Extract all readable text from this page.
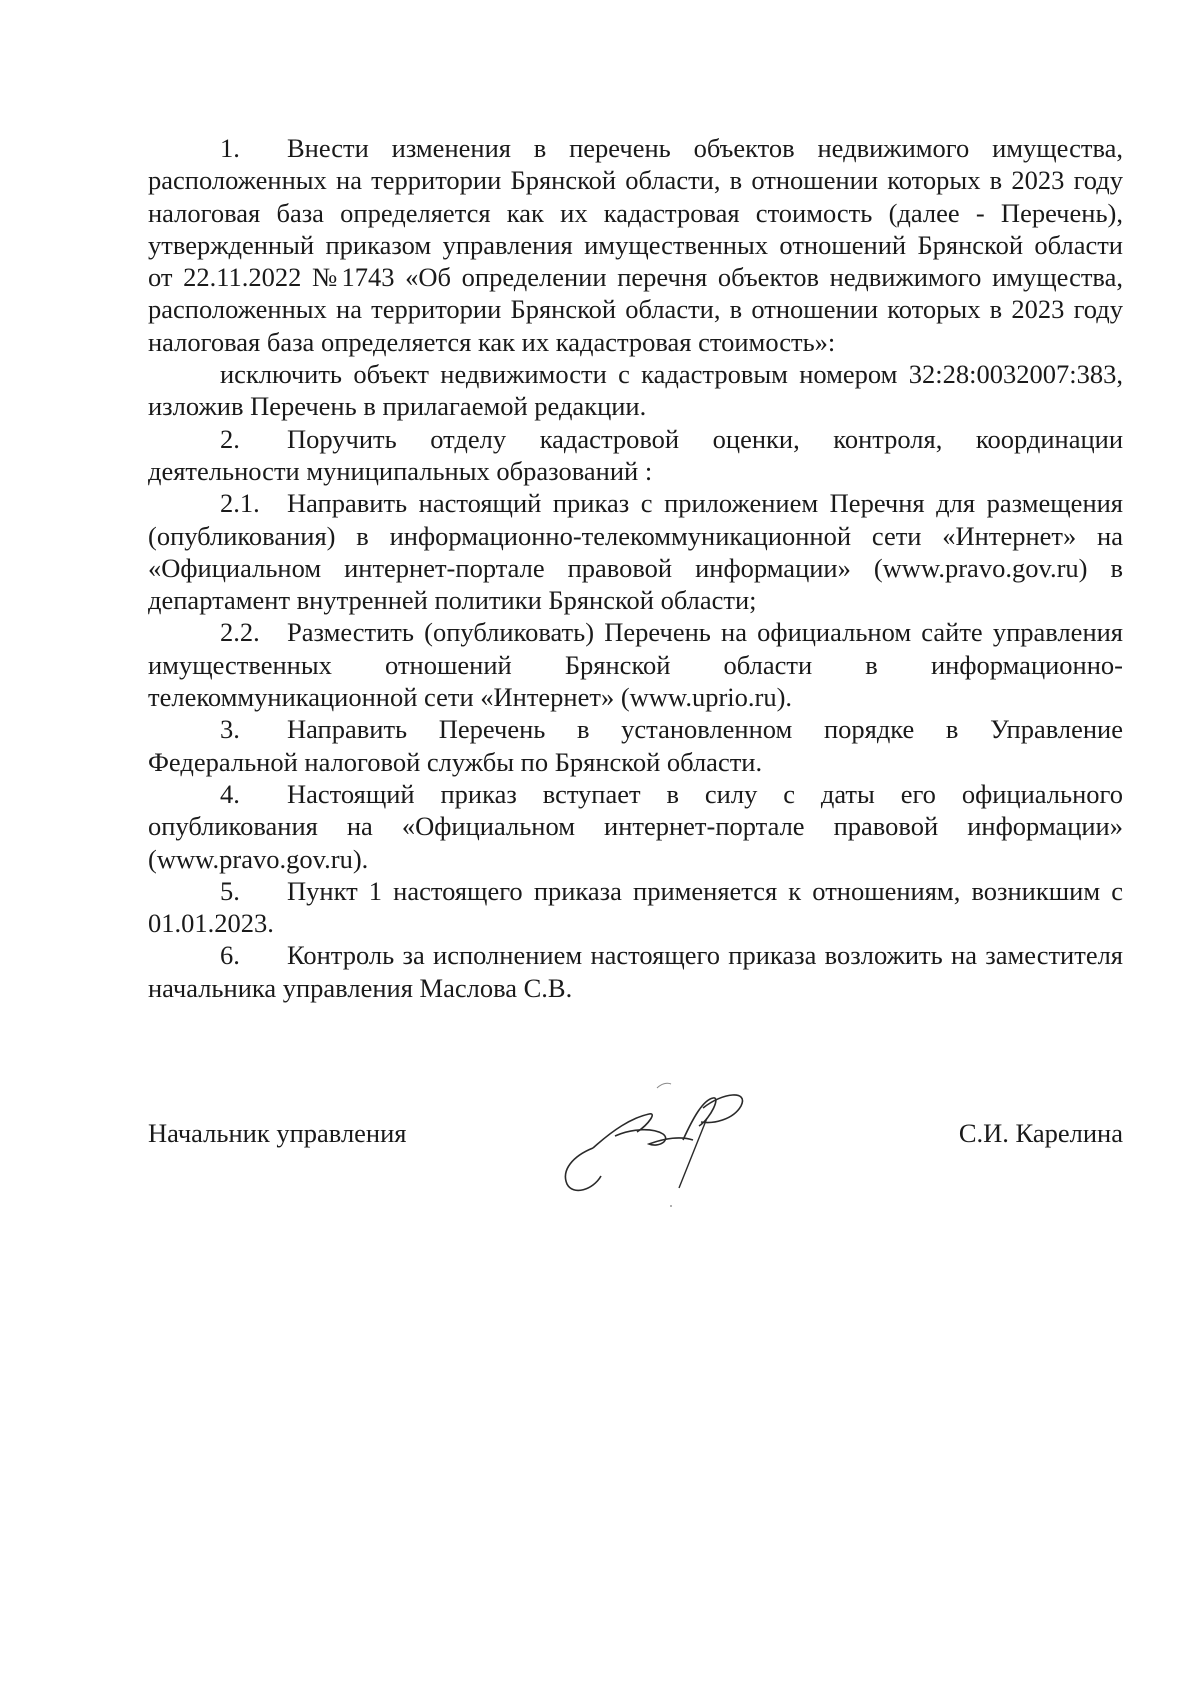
1. Внести изменения в перечень объектов недвижимого имущества, расположенных на территории Брянской области, в отношении которых в 2023 году налоговая база определяется как их кадастровая стоимость (далее - Перечень), утвержденный приказом управления имущественных отношений Брянской области от 22.11.2022 №1743 «Об определении перечня объектов недвижимого имущества, расположенных на территории Брянской области, в отношении которых в 2023 году налоговая база определяется как их кадастровая стоимость»:

исключить объект недвижимости с кадастровым номером 32:28:0032007:383, изложив Перечень в прилагаемой редакции.

2. Поручить отделу кадастровой оценки, контроля, координации деятельности муниципальных образований :

2.1. Направить настоящий приказ с приложением Перечня для размещения (опубликования) в информационно-телекоммуникационной сети «Интернет» на «Официальном интернет-портале правовой информации» (www.pravo.gov.ru) в департамент внутренней политики Брянской области;

2.2. Разместить (опубликовать) Перечень на официальном сайте управления имущественных отношений Брянской области в информационно-телекоммуникационной сети «Интернет» (www.uprio.ru).

3. Направить Перечень в установленном порядке в Управление Федеральной налоговой службы по Брянской области.

4. Настоящий приказ вступает в силу с даты его официального опубликования на «Официальном интернет-портале правовой информации» (www.pravo.gov.ru).

5. Пункт 1 настоящего приказа применяется к отношениям, возникшим с 01.01.2023.

6. Контроль за исполнением настоящего приказа возложить на заместителя начальника управления Маслова С.В.

Начальник управления	С.И. Карелина
